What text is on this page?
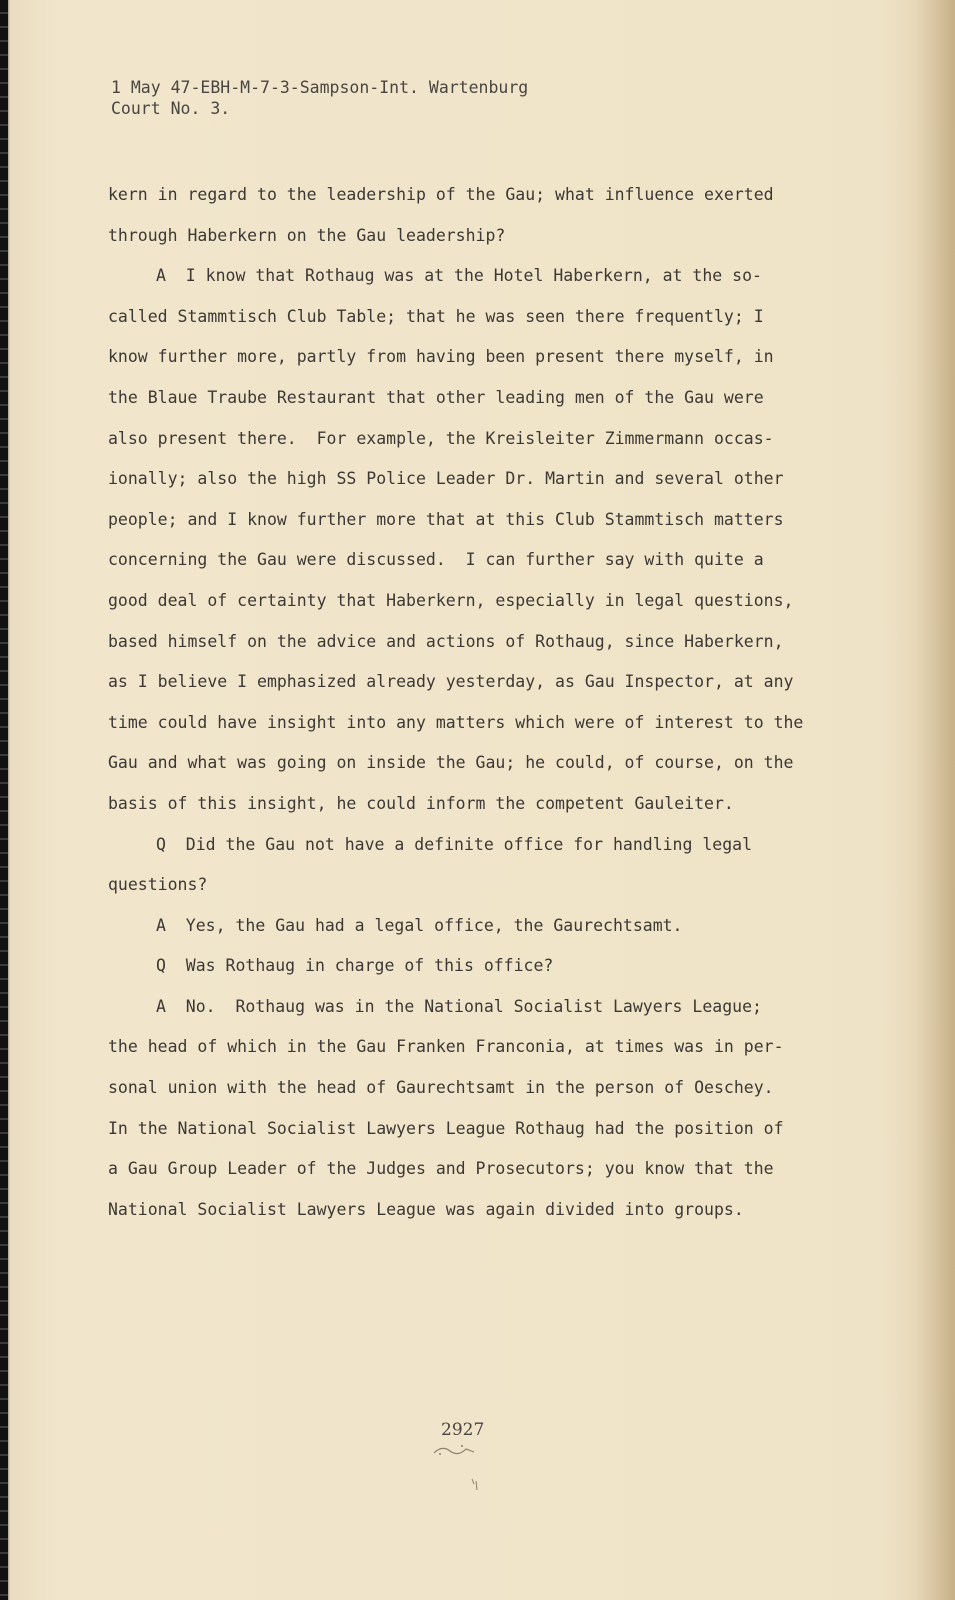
1 May 47-EBH-M-7-3-Sampson-Int. Wartenburg
Court No. 3.
kern in regard to the leadership of the Gau; what influence exerted
through Haberkern on the Gau leadership?
A  I know that Rothaug was at the Hotel Haberkern, at the so-
called Stammtisch Club Table; that he was seen there frequently; I
know further more, partly from having been present there myself, in
the Blaue Traube Restaurant that other leading men of the Gau were
also present there.  For example, the Kreisleiter Zimmermann occas-
ionally; also the high SS Police Leader Dr. Martin and several other
people; and I know further more that at this Club Stammtisch matters
concerning the Gau were discussed.  I can further say with quite a
good deal of certainty that Haberkern, especially in legal questions,
based himself on the advice and actions of Rothaug, since Haberkern,
as I believe I emphasized already yesterday, as Gau Inspector, at any
time could have insight into any matters which were of interest to the
Gau and what was going on inside the Gau; he could, of course, on the
basis of this insight, he could inform the competent Gauleiter.
Q  Did the Gau not have a definite office for handling legal
questions?
A  Yes, the Gau had a legal office, the Gaurechtsamt.
Q  Was Rothaug in charge of this office?
A  No.  Rothaug was in the National Socialist Lawyers League;
the head of which in the Gau Franken Franconia, at times was in per-
sonal union with the head of Gaurechtsamt in the person of Oeschey.
In the National Socialist Lawyers League Rothaug had the position of
a Gau Group Leader of the Judges and Prosecutors; you know that the
National Socialist Lawyers League was again divided into groups.
2927
